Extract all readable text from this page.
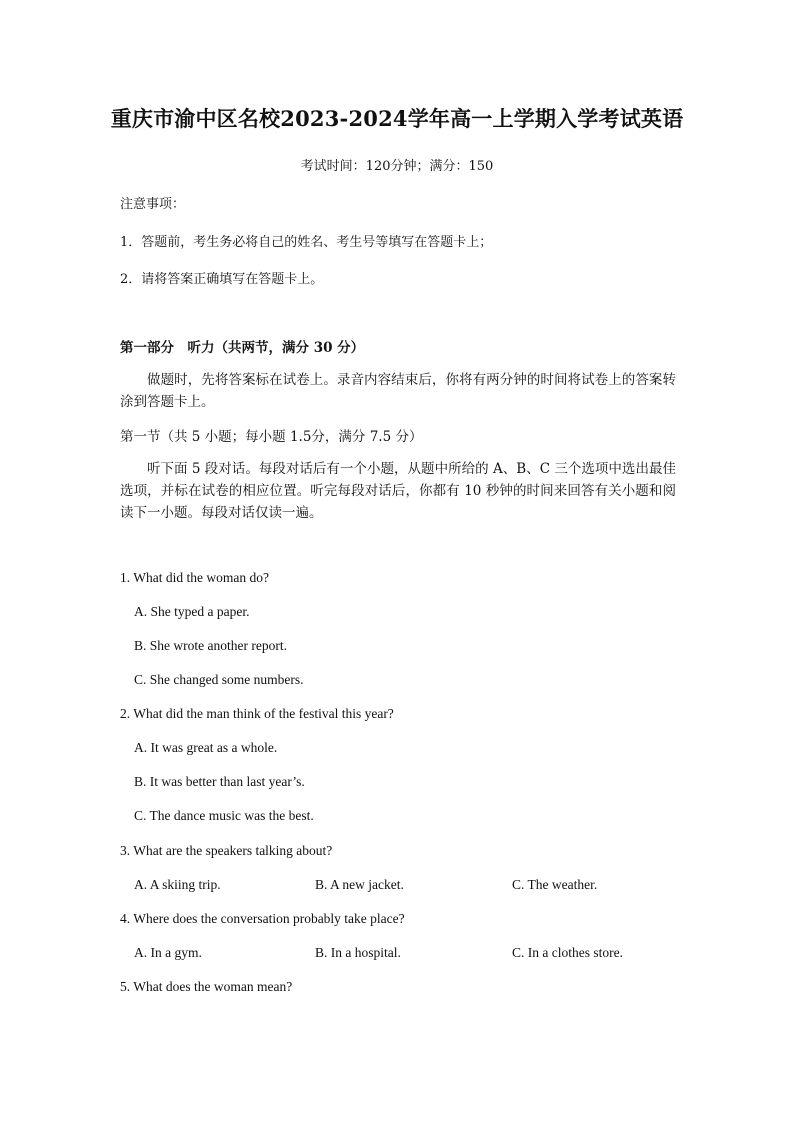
重庆市渝中区名校2023-2024学年高一上学期入学考试英语
考试时间：120分钟；满分：150
注意事项：
1．答题前，考生务必将自己的姓名、考生号等填写在答题卡上；
2．请将答案正确填写在答题卡上。
第一部分　听力（共两节，满分 30 分）
做题时，先将答案标在试卷上。录音内容结束后，你将有两分钟的时间将试卷上的答案转涂到答题卡上。
第一节（共 5 小题；每小题 1.5分，满分 7.5 分）
听下面 5 段对话。每段对话后有一个小题，从题中所给的 A、B、C 三个选项中选出最佳选项，并标在试卷的相应位置。听完每段对话后，你都有 10 秒钟的时间来回答有关小题和阅读下一小题。每段对话仅读一遍。
1. What did the woman do?
A. She typed a paper.
B. She wrote another report.
C. She changed some numbers.
2. What did the man think of the festival this year?
A. It was great as a whole.
B. It was better than last year’s.
C. The dance music was the best.
3. What are the speakers talking about?
A. A skiing trip.	B. A new jacket.	C. The weather.
4. Where does the conversation probably take place?
A. In a gym.	B. In a hospital.	C. In a clothes store.
5. What does the woman mean?
